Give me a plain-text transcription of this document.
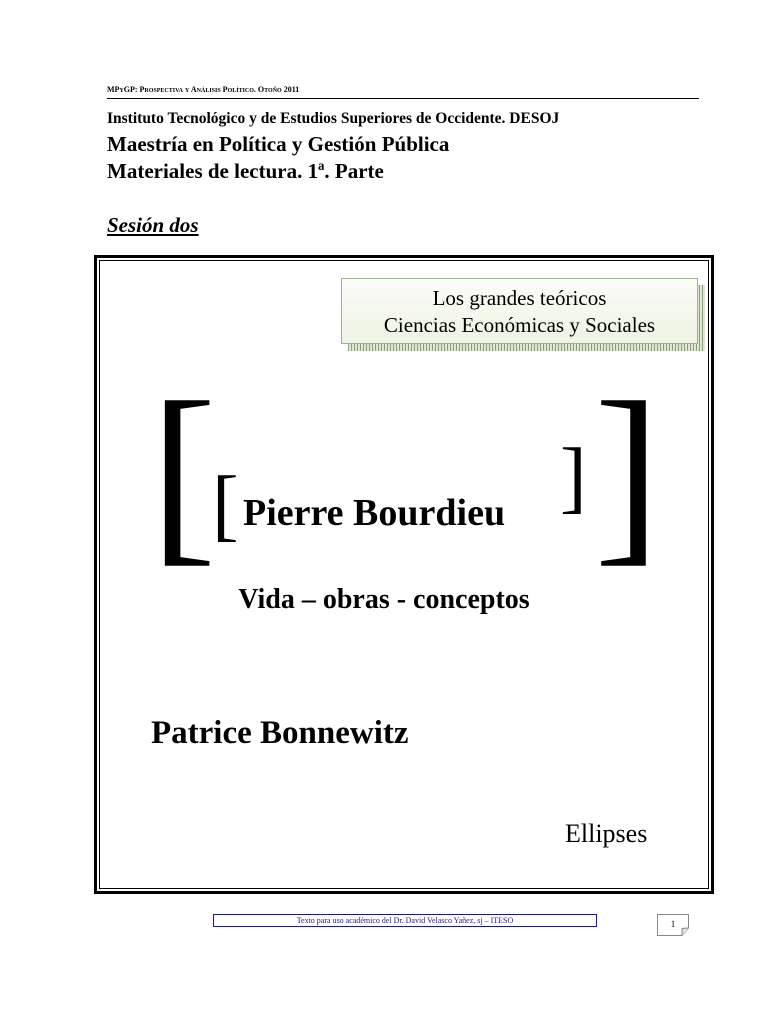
MPyGP: Prospectiva y Análisis Político. Otoño 2011
Instituto Tecnológico y de Estudios Superiores de Occidente. DESOJ
Maestría en Política y Gestión Pública
Materiales de lectura. 1ª. Parte
Sesión dos
Los grandes teóricos
Ciencias Económicas y Sociales
[
[ Pierre Bourdieu ] ]
Vida – obras - conceptos
Patrice Bonnewitz
Ellipses
Texto para uso académico del Dr. David Velasco Yañez, sj – ITESO	1
